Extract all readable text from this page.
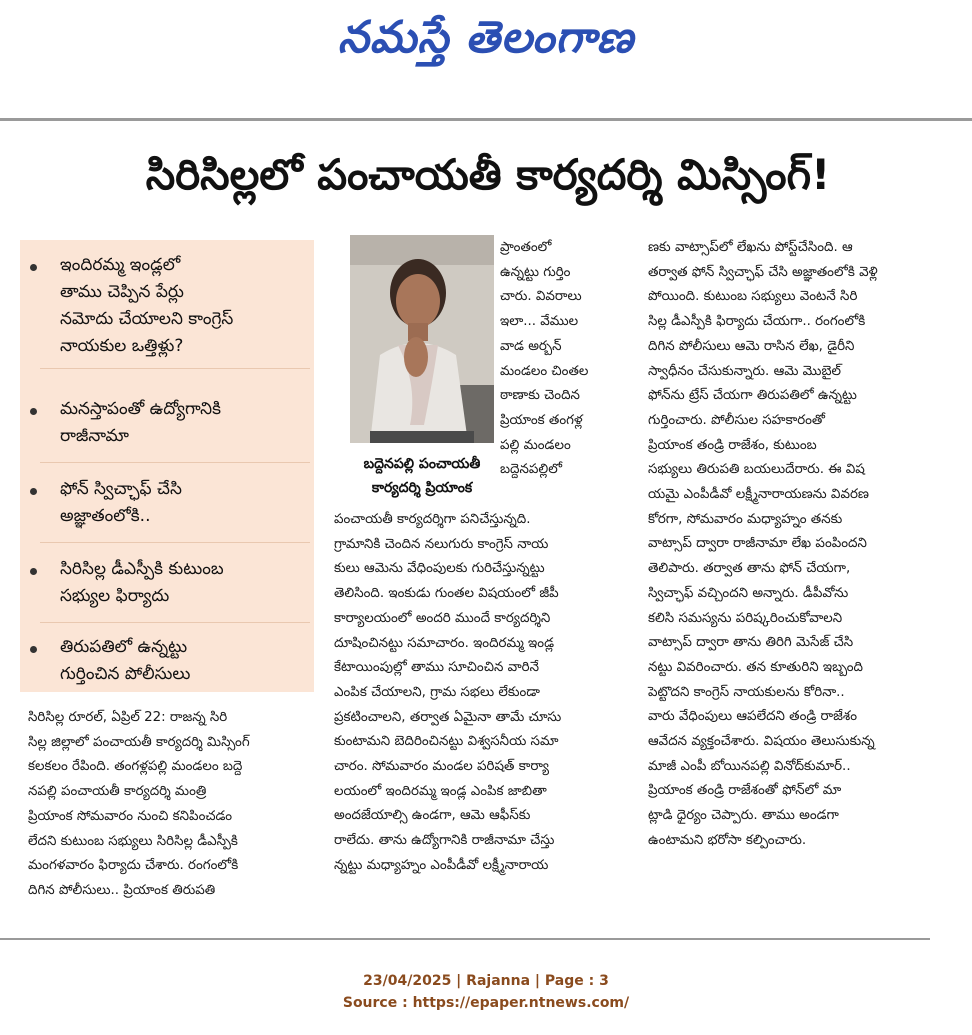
నమస్తే తెలంగాణ
సిరిసిల్లలో పంచాయతీ కార్యదర్శి మిస్సింగ్!
ఇందిరమ్మ ఇండ్లలో
తాము చెప్పిన పేర్లు
నమోదు చేయాలని కాంగ్రెస్
నాయకుల ఒత్తిళ్లు?
మనస్తాపంతో ఉద్యోగానికి
రాజీనామా
ఫోన్ స్విచ్ఛాఫ్ చేసి
అజ్ఞాతంలోకి..
సిరిసిల్ల డీఎస్పీకి కుటుంబ
సభ్యుల ఫిర్యాదు
తిరుపతిలో ఉన్నట్టు
గుర్తించిన పోలీసులు
బద్దెనపల్లి పంచాయతీ
కార్యదర్శి ప్రియాంక
సిరిసిల్ల రూరల్, ఏప్రిల్ 22: రాజన్న సిరి
సిల్ల జిల్లాలో పంచాయతీ కార్యదర్శి మిస్సింగ్
కలకలం రేపింది. తంగళ్లపల్లి మండలం బద్దె
నపల్లి పంచాయతీ కార్యదర్శి మంత్రి
ప్రియాంక సోమవారం నుంచి కనిపించడం
లేదని కుటుంబ సభ్యులు సిరిసిల్ల డీఎస్పీకి
మంగళవారం ఫిర్యాదు చేశారు. రంగంలోకి
దిగిన పోలీసులు.. ప్రియాంక తిరుపతి
ప్రాంతంలో
ఉన్నట్టు గుర్తిం
చారు. వివరాలు
ఇలా... వేముల
వాడ అర్బన్
మండలం చింతల
ఠాణాకు చెందిన
ప్రియాంక తంగళ్ల
పల్లి మండలం
బద్దెనపల్లిలో
పంచాయతీ కార్యదర్శిగా పనిచేస్తున్నది.
గ్రామానికి చెందిన నలుగురు కాంగ్రెస్ నాయ
కులు ఆమెను వేధింపులకు గురిచేస్తున్నట్టు
తెలిసింది. ఇంకుడు గుంతల విషయంలో జీపీ
కార్యాలయంలో అందరి ముందే కార్యదర్శిని
దూషించినట్టు సమాచారం. ఇందిరమ్మ ఇండ్ల
కేటాయింపుల్లో తాము సూచించిన వారినే
ఎంపిక చేయాలని, గ్రామ సభలు లేకుండా
ప్రకటించాలని, తర్వాత ఏమైనా తామే చూసు
కుంటామని బెదిరించినట్టు విశ్వసనీయ సమా
చారం. సోమవారం మండల పరిషత్ కార్యా
లయంలో ఇందిరమ్మ ఇండ్ల ఎంపిక జాబితా
అందజేయాల్సి ఉండగా, ఆమె ఆఫీస్‌కు
రాలేదు. తాను ఉద్యోగానికి రాజీనామా చేస్తు
న్నట్టు మధ్యాహ్నం ఎంపీడీవో లక్ష్మీనారాయ
ణకు వాట్సాప్‌లో లేఖను పోస్ట్‌చేసింది. ఆ
తర్వాత ఫోన్ స్విచ్ఛాఫ్ చేసి అజ్ఞాతంలోకి వెళ్లి
పోయింది. కుటుంబ సభ్యులు వెంటనే సిరి
సిల్ల డీఎస్పీకి ఫిర్యాదు చేయగా.. రంగంలోకి
దిగిన పోలీసులు ఆమె రాసిన లేఖ, డైరీని
స్వాధీనం చేసుకున్నారు. ఆమె మొబైల్
ఫోన్‌ను ట్రేస్ చేయగా తిరుపతిలో ఉన్నట్టు
గుర్తించారు. పోలీసుల సహకారంతో
ప్రియాంక తండ్రి రాజేశం, కుటుంబ
సభ్యులు తిరుపతి బయలుదేరారు. ఈ విష
యమై ఎంపీడీవో లక్ష్మీనారాయణను వివరణ
కోరగా, సోమవారం మధ్యాహ్నం తనకు
వాట్సాప్ ద్వారా రాజీనామా లేఖ పంపిందని
తెలిపారు. తర్వాత తాను ఫోన్ చేయగా,
స్విచ్ఛాఫ్ వచ్చిందని అన్నారు. డీపీవోను
కలిసి సమస్యను పరిష్కరించుకోవాలని
వాట్సాప్ ద్వారా తాను తిరిగి మెసేజ్ చేసి
నట్టు వివరించారు. తన కూతురిని ఇబ్బంది
పెట్టొదని కాంగ్రెస్ నాయకులను కోరినా..
వారు వేధింపులు ఆపలేదని తండ్రి రాజేశం
ఆవేదన వ్యక్తంచేశారు. విషయం తెలుసుకున్న
మాజీ ఎంపీ బోయినపల్లి వినోద్‌కుమార్..
ప్రియాంక తండ్రి రాజేశంతో ఫోన్‌లో మా
ట్లాడి ధైర్యం చెప్పారు. తాము అండగా
ఉంటామని భరోసా కల్పించారు.
23/04/2025 | Rajanna | Page : 3
Source : https://epaper.ntnews.com/
